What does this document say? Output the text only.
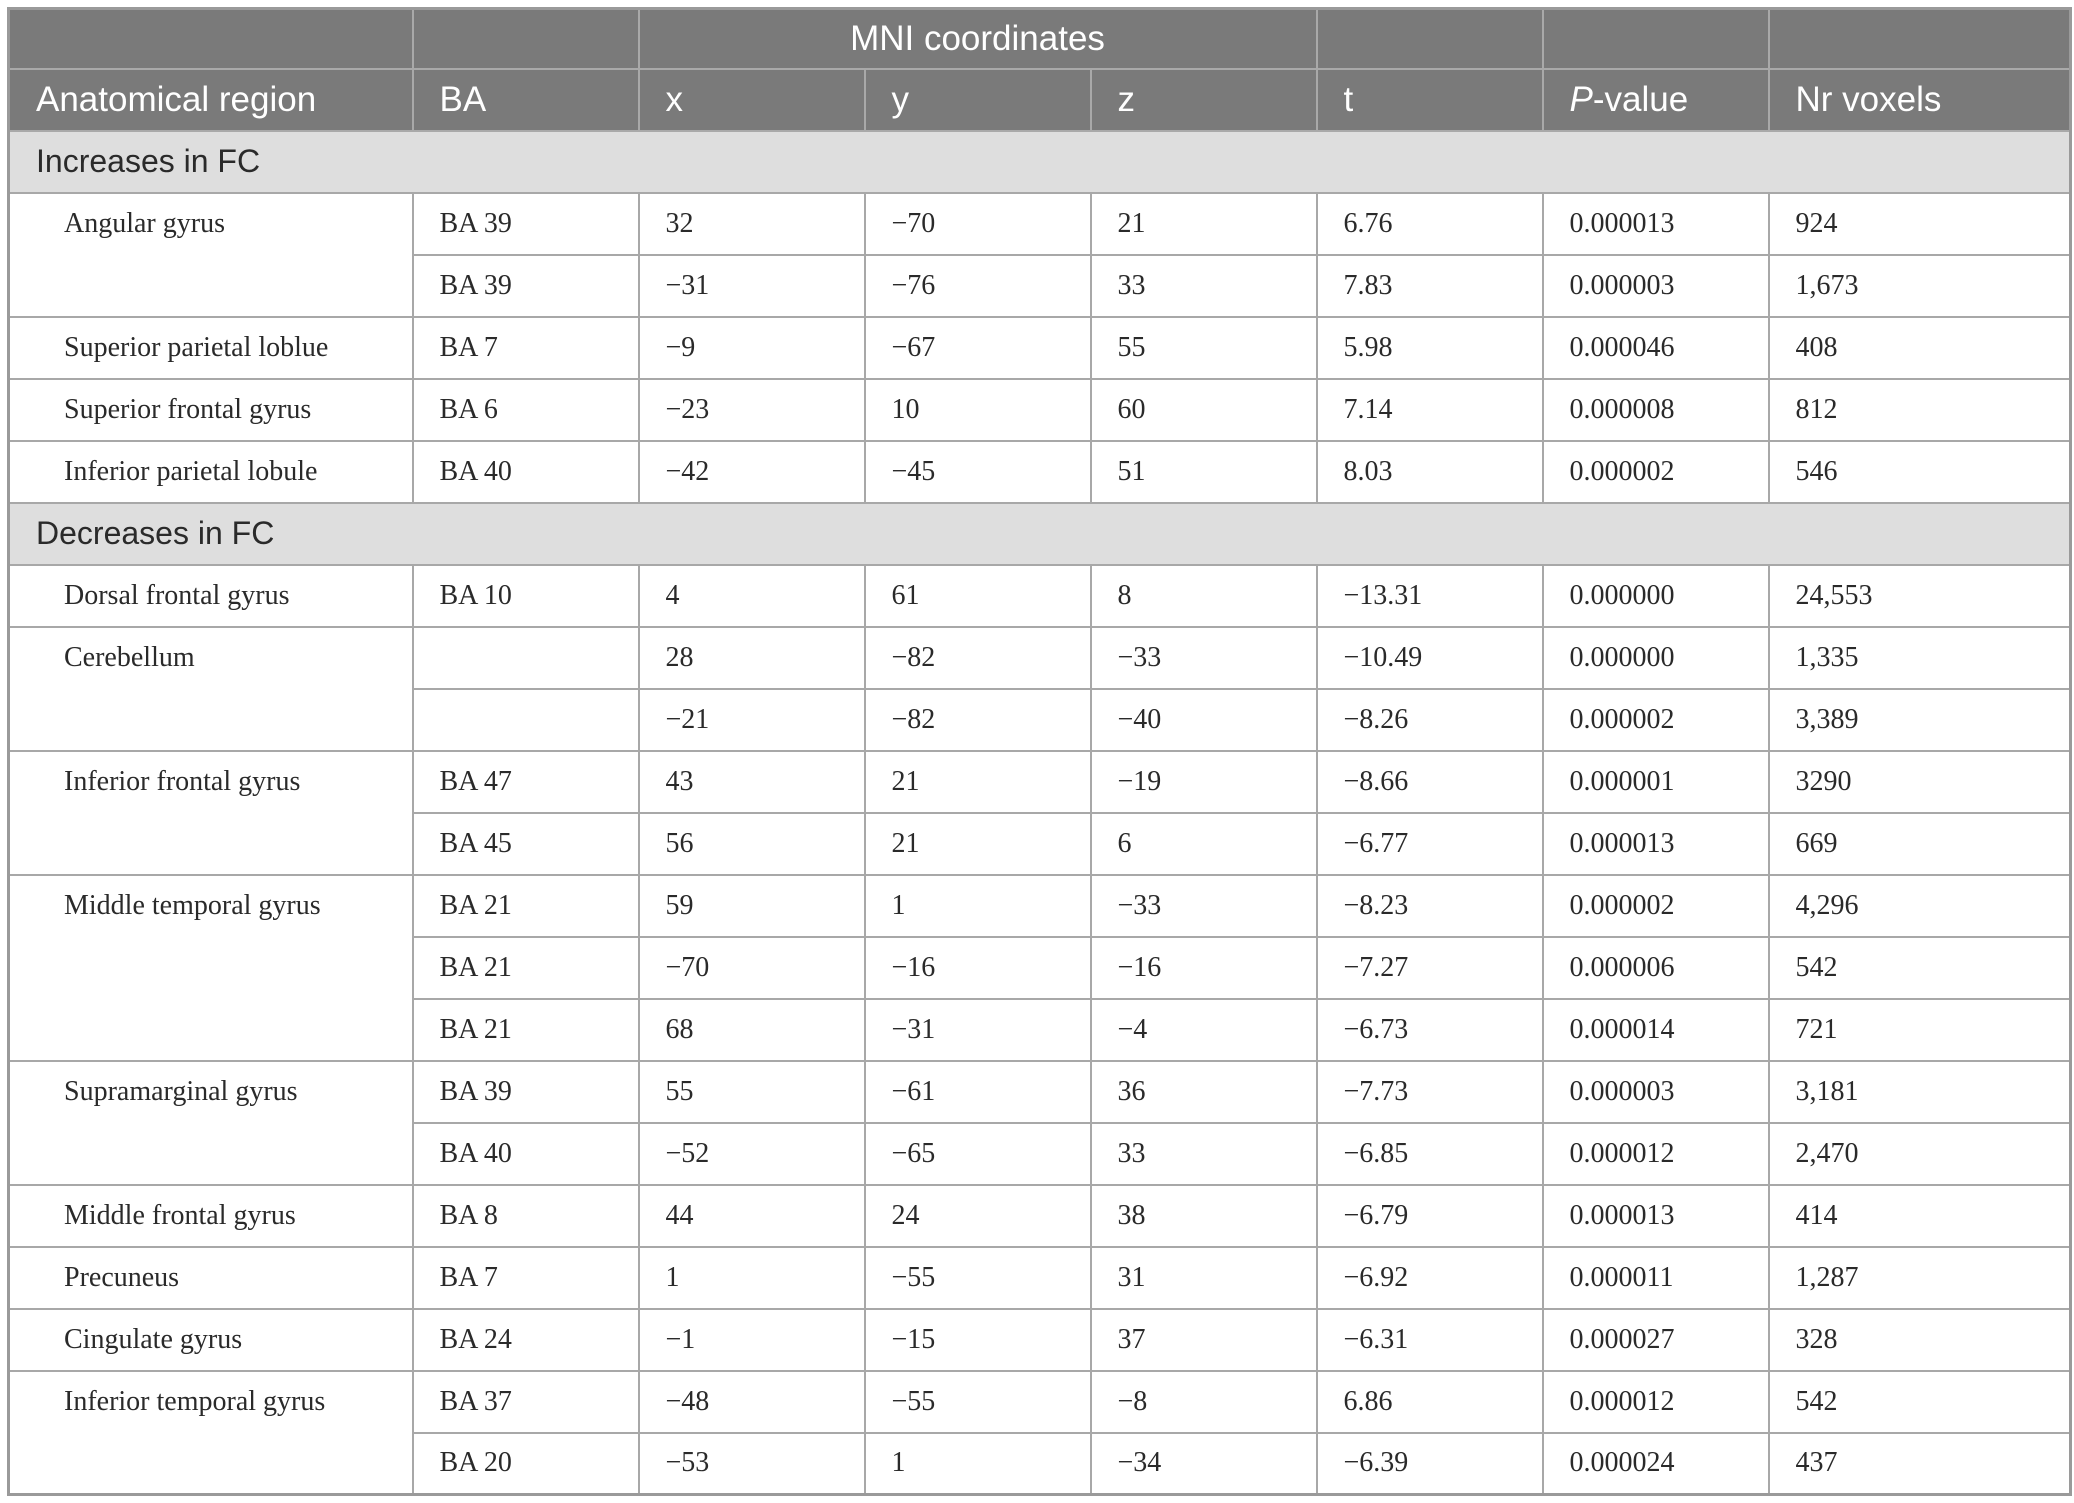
		MNI coordinates					
Anatomical region	BA	x	y	z	t	P-value	Nr voxels
Increases in FC							
Angular gyrus	BA 39	32	−70	21	6.76	0.000013	924
	BA 39	−31	−76	33	7.83	0.000003	1,673
Superior parietal loblue	BA 7	−9	−67	55	5.98	0.000046	408
Superior frontal gyrus	BA 6	−23	10	60	7.14	0.000008	812
Inferior parietal lobule	BA 40	−42	−45	51	8.03	0.000002	546
Decreases in FC							
Dorsal frontal gyrus	BA 10	4	61	8	−13.31	0.000000	24,553
Cerebellum		28	−82	−33	−10.49	0.000000	1,335
		−21	−82	−40	−8.26	0.000002	3,389
Inferior frontal gyrus	BA 47	43	21	−19	−8.66	0.000001	3290
	BA 45	56	21	6	−6.77	0.000013	669
Middle temporal gyrus	BA 21	59	1	−33	−8.23	0.000002	4,296
	BA 21	−70	−16	−16	−7.27	0.000006	542
	BA 21	68	−31	−4	−6.73	0.000014	721
Supramarginal gyrus	BA 39	55	−61	36	−7.73	0.000003	3,181
	BA 40	−52	−65	33	−6.85	0.000012	2,470
Middle frontal gyrus	BA 8	44	24	38	−6.79	0.000013	414
Precuneus	BA 7	1	−55	31	−6.92	0.000011	1,287
Cingulate gyrus	BA 24	−1	−15	37	−6.31	0.000027	328
Inferior temporal gyrus	BA 37	−48	−55	−8	6.86	0.000012	542
	BA 20	−53	1	−34	−6.39	0.000024	437
